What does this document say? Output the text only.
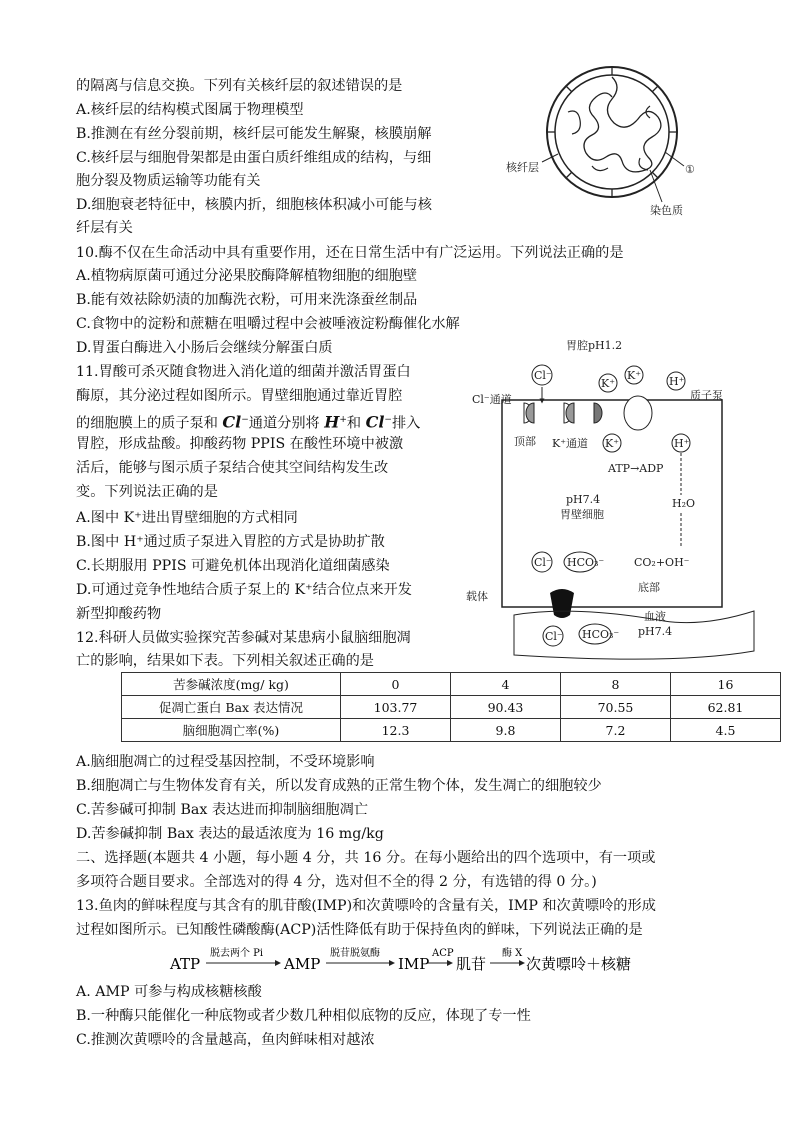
的隔离与信息交换。下列有关核纤层的叙述错误的是
A.核纤层的结构模式图属于物理模型
B.推测在有丝分裂前期，核纤层可能发生解聚，核膜崩解
C.核纤层与细胞骨架都是由蛋白质纤维组成的结构，与细
胞分裂及物质运输等功能有关
D.细胞衰老特征中，核膜内折，细胞核体积减小可能与核
纤层有关
核纤层	①
染色质
10.酶不仅在生命活动中具有重要作用，还在日常生活中有广泛运用。下列说法正确的是
A.植物病原菌可通过分泌果胶酶降解植物细胞的细胞壁
B.能有效祛除奶渍的加酶洗衣粉，可用来洗涤蚕丝制品
C.食物中的淀粉和蔗糖在咀嚼过程中会被唾液淀粉酶催化水解
D.胃蛋白酶进入小肠后会继续分解蛋白质
11.胃酸可杀灭随食物进入消化道的细菌并激活胃蛋白
酶原，其分泌过程如图所示。胃壁细胞通过靠近胃腔
的细胞膜上的质子泵和 Cl−通道分别将 H+和 Cl−排入
胃腔，形成盐酸。抑酸药物 PPIS 在酸性环境中被激
活后，能够与图示质子泵结合使其空间结构发生改
变。下列说法正确的是
A.图中 K⁺进出胃壁细胞的方式相同
B.图中 H⁺通过质子泵进入胃腔的方式是协助扩散
C.长期服用 PPIS 可避免机体出现消化道细菌感染
D.可通过竞争性地结合质子泵上的 K⁺结合位点来开发
新型抑酸药物
胃腔pH1.2
Cl⁻
K⁺
K⁺	H⁺
Cl⁻通道	质子泵
顶部 K⁺通道 K⁺	H⁺
ATP→ADP
H₂O
pH7.4
胃壁细胞
Cl⁻ HCO₃⁻	CO₂+OH⁻
底部
载体
Cl⁻ HCO₃⁻
血液
pH7.4
12.科研人员做实验探究苦参碱对某患病小鼠脑细胞凋
亡的影响，结果如下表。下列相关叙述正确的是
苦参碱浓度(mg/ kg)	0	4	8	16
促凋亡蛋白 Bax 表达情况	103.77	90.43	70.55	62.81
脑细胞凋亡率(%)	12.3	9.8	7.2	4.5
A.脑细胞凋亡的过程受基因控制，不受环境影响
B.细胞凋亡与生物体发育有关，所以发育成熟的正常生物个体，发生凋亡的细胞较少
C.苦参碱可抑制 Bax 表达进而抑制脑细胞凋亡
D.苦参碱抑制 Bax 表达的最适浓度为 16 mg/kg
二、选择题(本题共 4 小题，每小题 4 分，共 16 分。在每小题给出的四个选项中，有一项或
多项符合题目要求。全部选对的得 4 分，选对但不全的得 2 分，有选错的得 0 分。)
13.鱼肉的鲜味程度与其含有的肌苷酸(IMP)和次黄嘌呤的含量有关，IMP 和次黄嘌呤的形成
过程如图所示。已知酸性磷酸酶(ACP)活性降低有助于保持鱼肉的鲜味，下列说法正确的是
ATP
脱去两个 Pi
AMP
脱苷脱氨酶
IMP
ACP
肌苷
酶 X
次黄嘌呤＋核糖
A. AMP 可参与构成核糖核酸
B.一种酶只能催化一种底物或者少数几种相似底物的反应，体现了专一性
C.推测次黄嘌呤的含量越高，鱼肉鲜味相对越浓
